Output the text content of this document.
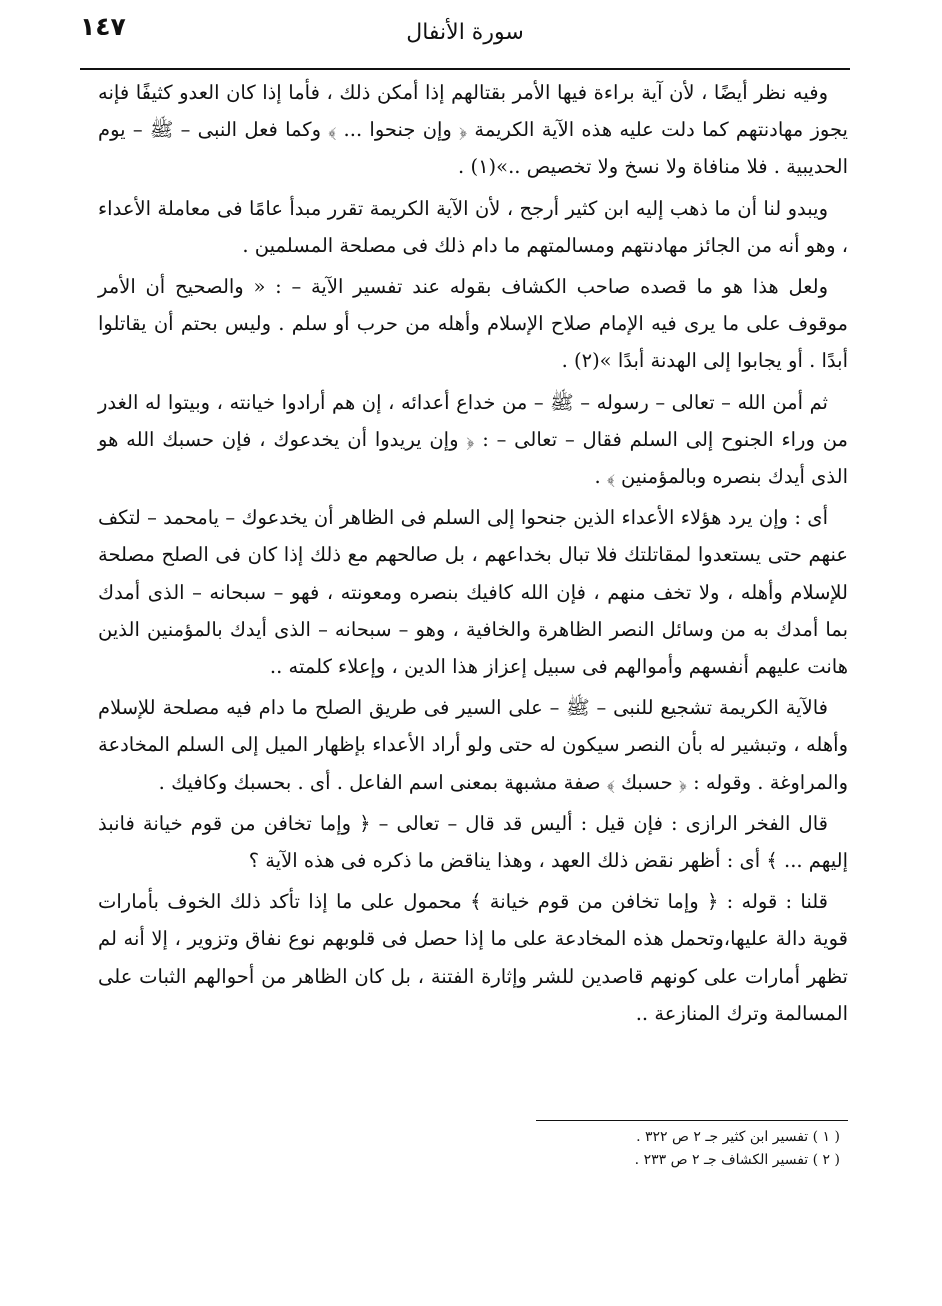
١٤٧	سورة الأنفال

وفيه نظر أيضًا ، لأن آية براءة فيها الأمر بقتالهم إذا أمكن ذلك ، فأما إذا كان العدو كثيفًا فإنه يجوز مهادنتهم كما دلت عليه هذه الآية الكريمة ﴿ وإن جنحوا ... ﴾ وكما فعل النبى – ﷺ – يوم الحديبية . فلا منافاة ولا نسخ ولا تخصيص ..»(١) .

ويبدو لنا أن ما ذهب إليه ابن كثير أرجح ، لأن الآية الكريمة تقرر مبدأ عامًا فى معاملة الأعداء ، وهو أنه من الجائز مهادنتهم ومسالمتهم ما دام ذلك فى مصلحة المسلمين .

ولعل هذا هو ما قصده صاحب الكشاف بقوله عند تفسير الآية – : « والصحيح أن الأمر موقوف على ما يرى فيه الإمام صلاح الإسلام وأهله من حرب أو سلم . وليس بحتم أن يقاتلوا أبدًا . أو يجابوا إلى الهدنة أبدًا »(٢) .

ثم أمن الله – تعالى – رسوله – ﷺ – من خداع أعدائه ، إن هم أرادوا خيانته ، وبيتوا له الغدر من وراء الجنوح إلى السلم فقال – تعالى – : ﴿ وإن يريدوا أن يخدعوك ، فإن حسبك الله هو الذى أيدك بنصره وبالمؤمنين ﴾ .

أى : وإن يرد هؤلاء الأعداء الذين جنحوا إلى السلم فى الظاهر أن يخدعوك – يامحمد – لتكف عنهم حتى يستعدوا لمقاتلتك فلا تبال بخداعهم ، بل صالحهم مع ذلك إذا كان فى الصلح مصلحة للإسلام وأهله ، ولا تخف منهم ، فإن الله كافيك بنصره ومعونته ، فهو – سبحانه – الذى أمدك بما أمدك به من وسائل النصر الظاهرة والخافية ، وهو – سبحانه – الذى أيدك بالمؤمنين الذين هانت عليهم أنفسهم وأموالهم فى سبيل إعزاز هذا الدين ، وإعلاء كلمته ..

فالآية الكريمة تشجيع للنبى – ﷺ – على السير فى طريق الصلح ما دام فيه مصلحة للإسلام وأهله ، وتبشير له بأن النصر سيكون له حتى ولو أراد الأعداء بإظهار الميل إلى السلم المخادعة والمراوغة . وقوله : ﴿ حسبك ﴾ صفة مشبهة بمعنى اسم الفاعل . أى . بحسبك وكافيك .

قال الفخر الرازى : فإن قيل : أليس قد قال – تعالى – ﴿ وإما تخافن من قوم خيانة فانبذ إليهم ... ﴾ أى : أظهر نقض ذلك العهد ، وهذا يناقض ما ذكره فى هذه الآية ؟

قلنا : قوله : ﴿ وإما تخافن من قوم خيانة ﴾ محمول على ما إذا تأكد ذلك الخوف بأمارات قوية دالة عليها،وتحمل هذه المخادعة على ما إذا حصل فى قلوبهم نوع نفاق وتزوير ، إلا أنه لم تظهر أمارات على كونهم قاصدين للشر وإثارة الفتنة ، بل كان الظاهر من أحوالهم الثبات على المسالمة وترك المنازعة ..

( ١ ) تفسير ابن كثير جـ ٢ ص ٣٢٢ .

( ٢ ) تفسير الكشاف جـ ٢ ص ٢٣٣ .
